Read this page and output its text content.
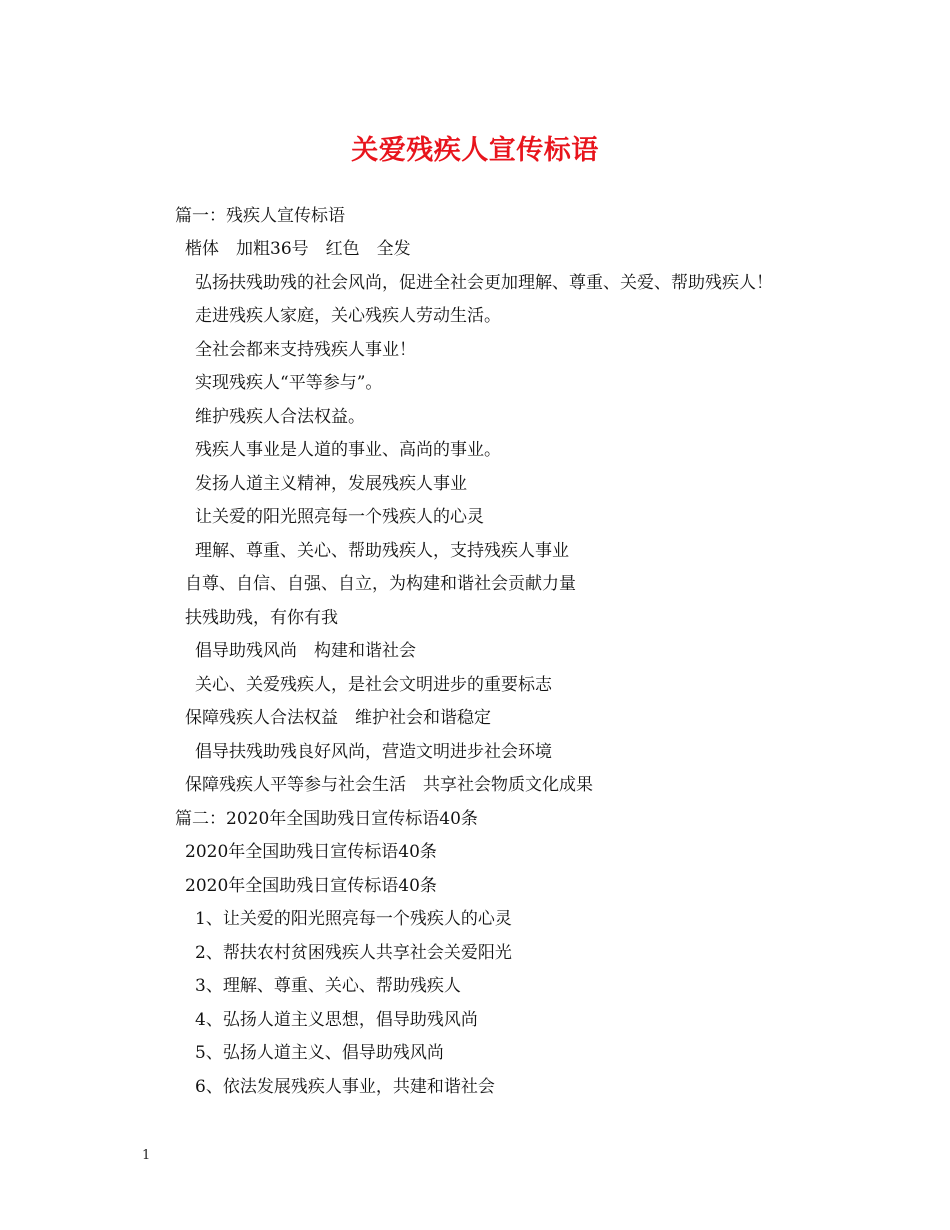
关爱残疾人宣传标语
篇一：残疾人宣传标语
楷体　加粗36号　红色　全发
弘扬扶残助残的社会风尚，促进全社会更加理解、尊重、关爱、帮助残疾人！
走进残疾人家庭，关心残疾人劳动生活。
全社会都来支持残疾人事业！
实现残疾人“平等参与”。
维护残疾人合法权益。
残疾人事业是人道的事业、高尚的事业。
发扬人道主义精神，发展残疾人事业
让关爱的阳光照亮每一个残疾人的心灵
理解、尊重、关心、帮助残疾人，支持残疾人事业
自尊、自信、自强、自立，为构建和谐社会贡献力量
扶残助残，有你有我
倡导助残风尚　构建和谐社会
关心、关爱残疾人，是社会文明进步的重要标志
保障残疾人合法权益　维护社会和谐稳定
倡导扶残助残良好风尚，营造文明进步社会环境
保障残疾人平等参与社会生活　共享社会物质文化成果
篇二：2020年全国助残日宣传标语40条
2020年全国助残日宣传标语40条
2020年全国助残日宣传标语40条
1、让关爱的阳光照亮每一个残疾人的心灵
2、帮扶农村贫困残疾人共享社会关爱阳光
3、理解、尊重、关心、帮助残疾人
4、弘扬人道主义思想，倡导助残风尚
5、弘扬人道主义、倡导助残风尚
6、依法发展残疾人事业，共建和谐社会
1
